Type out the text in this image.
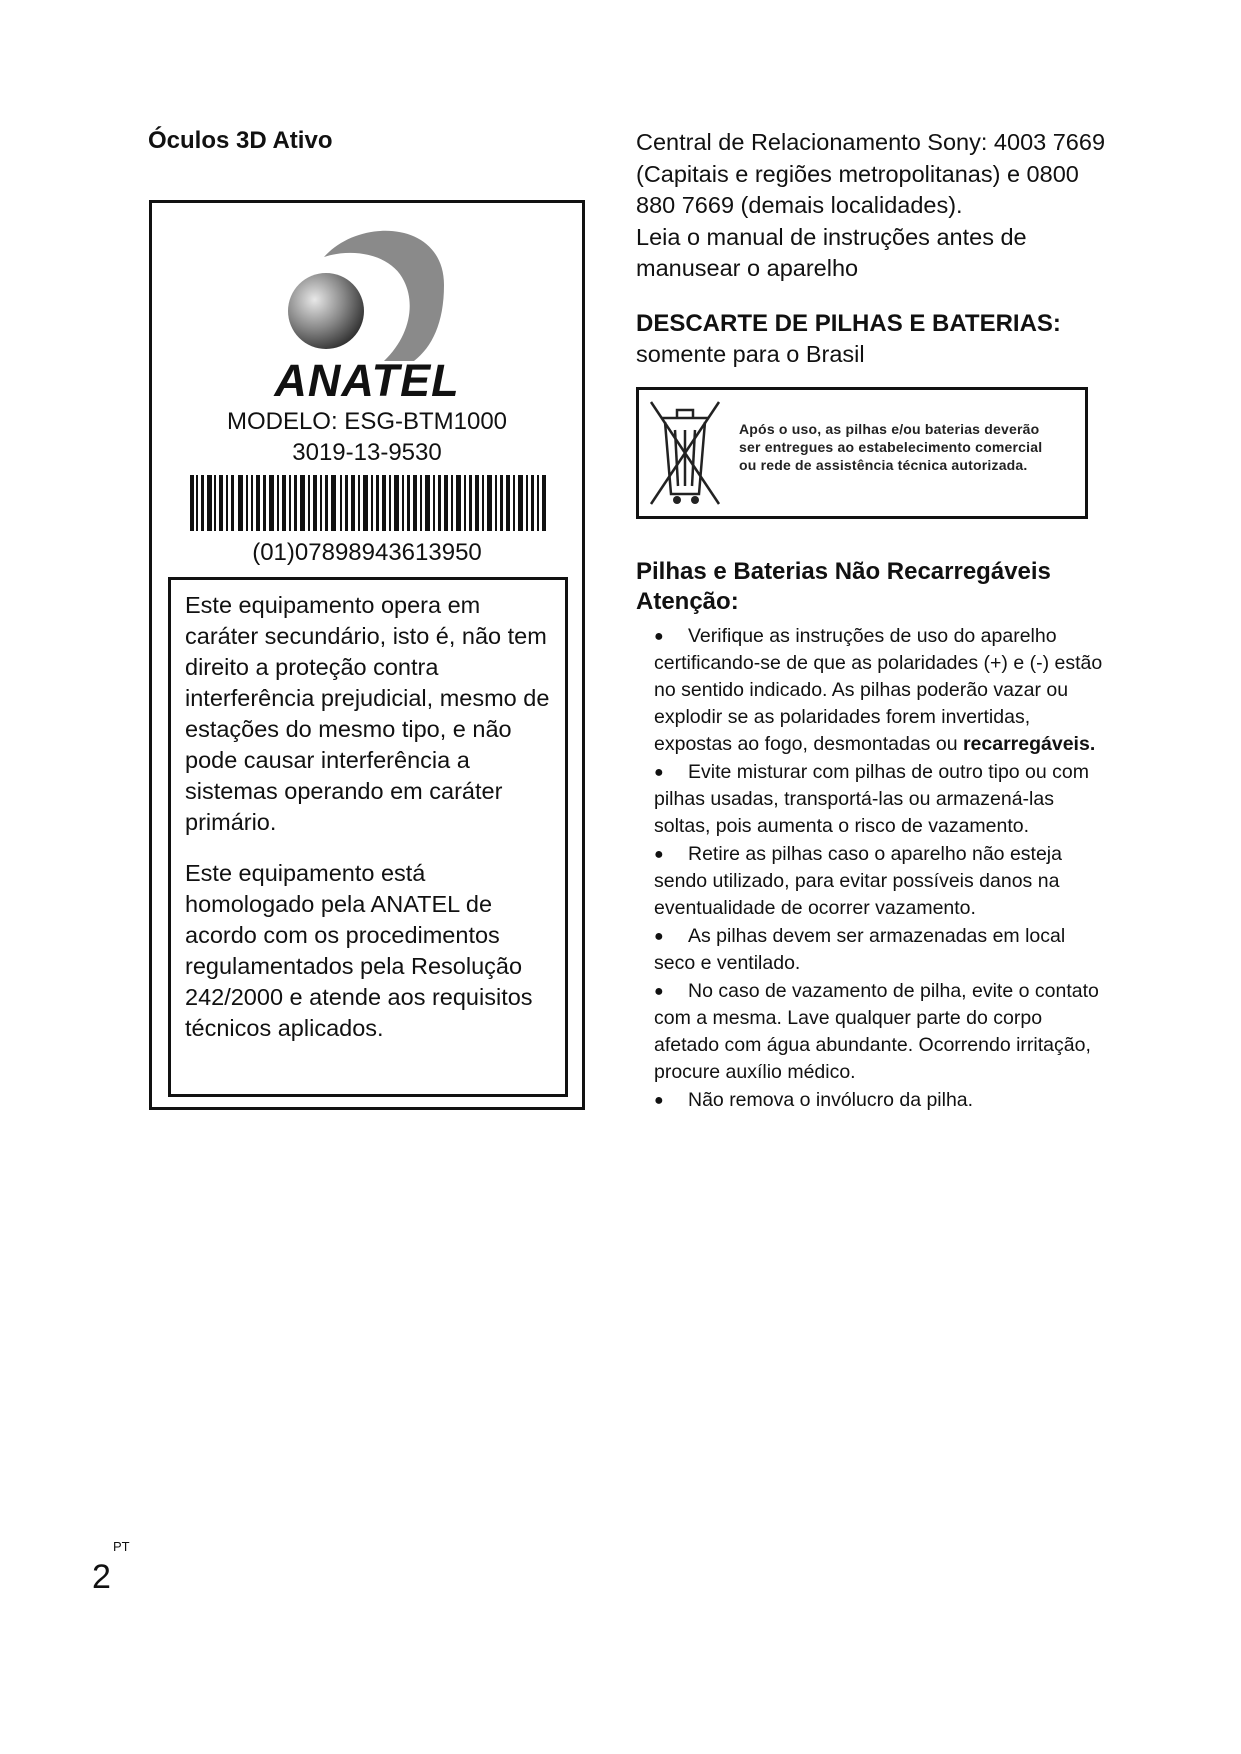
Óculos 3D Ativo
ANATEL
MODELO: ESG-BTM1000
3019-13-9530
(01)07898943613950

Este equipamento opera em caráter secundário, isto é, não tem direito a proteção contra interferência prejudicial, mesmo de estações do mesmo tipo, e não pode causar interferência a sistemas operando em caráter primário.

Este equipamento está homologado pela ANATEL de acordo com os procedimentos regulamentados pela Resolução 242/2000 e atende aos requisitos técnicos aplicados.

Central de Relacionamento Sony: 4003 7669 (Capitais e regiões metropolitanas) e 0800 880 7669 (demais localidades).

Leia o manual de instruções antes de manusear o aparelho

DESCARTE DE PILHAS E BATERIAS:
somente para o Brasil
Após o uso, as pilhas e/ou baterias deverão
ser entregues ao estabelecimento comercial
ou rede de assistência técnica autorizada.
Pilhas e Baterias Não Recarregáveis
Atenção:
●	Verifique as instruções de uso do aparelho certificando-se de que as polaridades (+) e (-) estão no sentido indicado. As pilhas poderão vazar ou explodir se as polaridades forem invertidas, expostas ao fogo, desmontadas ou recarregáveis.
●	Evite misturar com pilhas de outro tipo ou com pilhas usadas, transportá-las ou armazená-las soltas, pois aumenta o risco de vazamento.
●	Retire as pilhas caso o aparelho não esteja sendo utilizado, para evitar possíveis danos na eventualidade de ocorrer vazamento.
●	As pilhas devem ser armazenadas em local seco e ventilado.
●	No caso de vazamento de pilha, evite o contato com a mesma. Lave qualquer parte do corpo afetado com água abundante. Ocorrendo irritação, procure auxílio médico.
●	Não remova o invólucro da pilha.
PT
2
